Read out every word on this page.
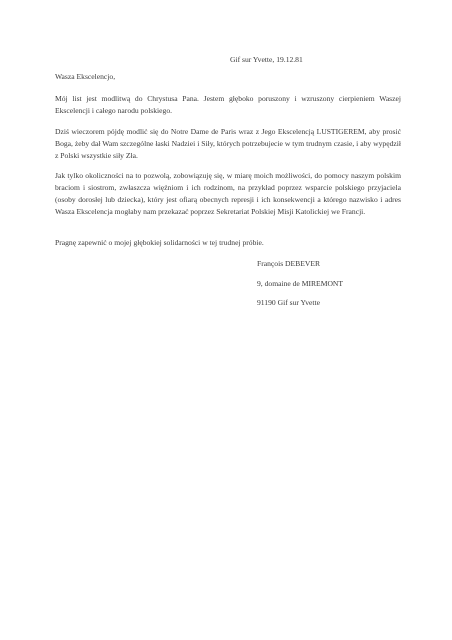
Gif sur Yvette, 19.12.81
Wasza Ekscelencjo,
Mój list jest modlitwą do Chrystusa Pana. Jestem głęboko poruszony i wzruszony cierpieniem Waszej Ekscelencji i całego narodu polskiego.
Dziś wieczorem pójdę modlić się do Notre Dame de Paris wraz z Jego Ekscelencją LUSTIGEREM, aby prosić Boga, żeby dał Wam szczególne łaski Nadziei i Siły, których potrzebujecie w tym trudnym czasie, i aby wypędził z Polski wszystkie siły Zła.
Jak tylko okoliczności na to pozwolą, zobowiązuję się, w miarę moich możliwości, do pomocy naszym polskim braciom i siostrom, zwłaszcza więźniom i ich rodzinom, na przykład poprzez wsparcie polskiego przyjaciela (osoby dorosłej lub dziecka), który jest ofiarą obecnych represji i ich konsekwencji a którego nazwisko i adres Wasza Ekscelencja mogłaby nam przekazać poprzez Sekretariat Polskiej Misji Katolickiej we Francji.
Pragnę zapewnić o mojej głębokiej solidarności w tej trudnej próbie.
François DEBEVER
9, domaine de MIREMONT
91190 Gif sur Yvette
